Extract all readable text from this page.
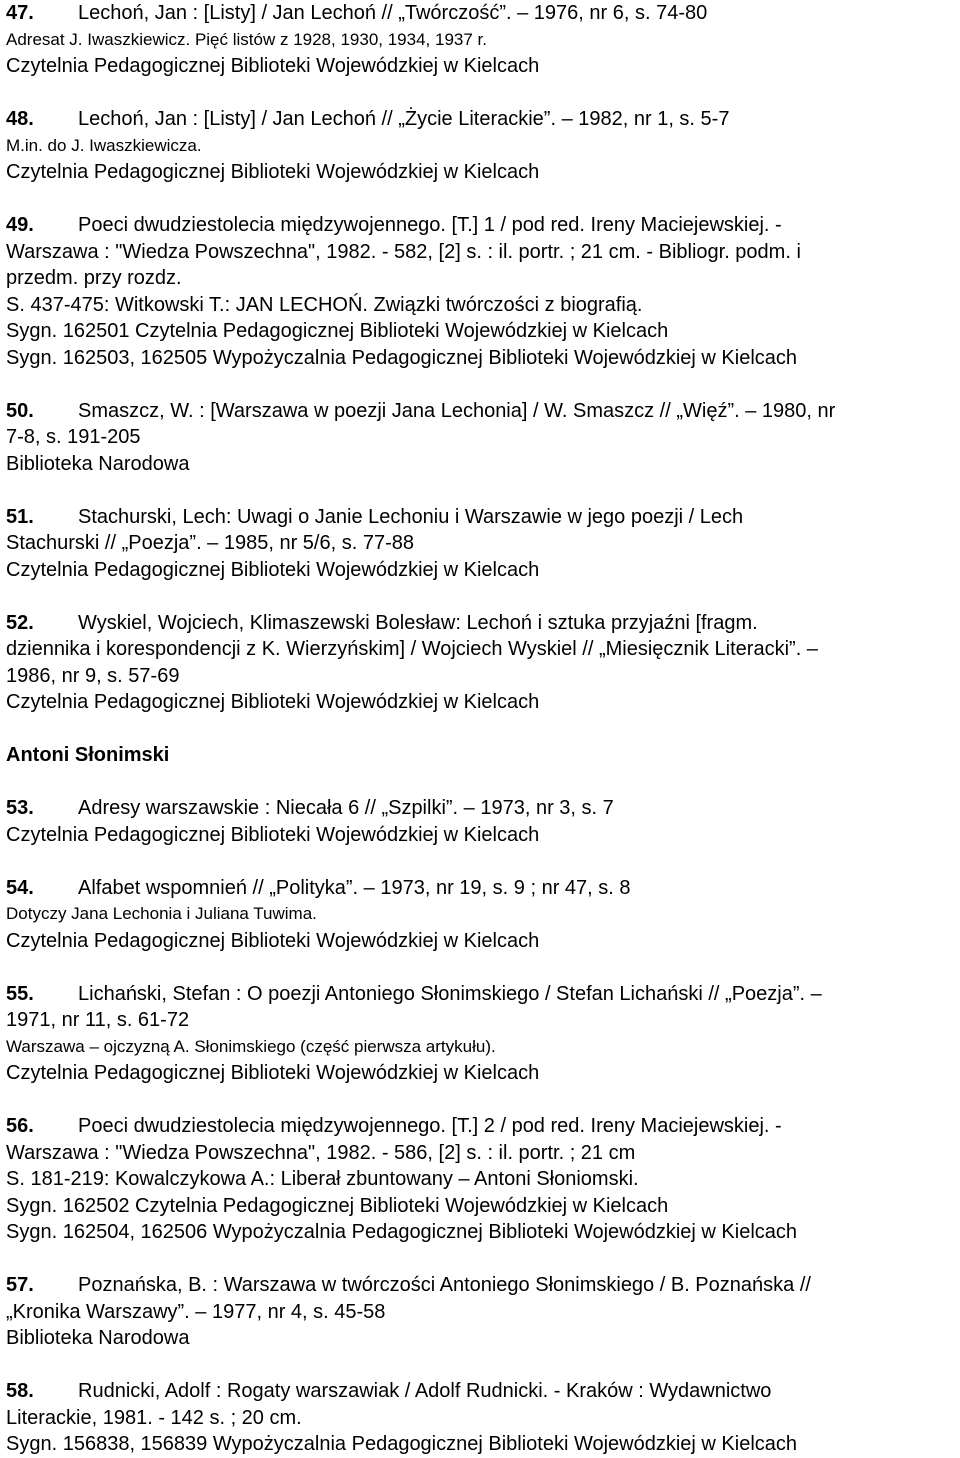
47. Lechoń, Jan : [Listy] / Jan Lechoń // „Twórczość”. – 1976, nr 6, s. 74-80
Adresat J. Iwaszkiewicz. Pięć listów z 1928, 1930, 1934, 1937 r.
Czytelnia Pedagogicznej Biblioteki Wojewódzkiej w Kielcach
48. Lechoń, Jan : [Listy] / Jan Lechoń // „Życie Literackie”. – 1982, nr 1, s. 5-7
M.in. do J. Iwaszkiewicza.
Czytelnia Pedagogicznej Biblioteki Wojewódzkiej w Kielcach
49. Poeci dwudziestolecia międzywojennego. [T.] 1 / pod red. Ireny Maciejewskiej. -
Warszawa : "Wiedza Powszechna", 1982. - 582, [2] s. : il. portr. ; 21 cm. - Bibliogr. podm. i
przedm. przy rozdz.
S. 437-475: Witkowski T.: JAN LECHOŃ. Związki twórczości z biografią.
Sygn. 162501 Czytelnia Pedagogicznej Biblioteki Wojewódzkiej w Kielcach
Sygn. 162503, 162505 Wypożyczalnia Pedagogicznej Biblioteki Wojewódzkiej w Kielcach
50. Smaszcz, W. : [Warszawa w poezji Jana Lechonia] / W. Smaszcz // „Więź”. – 1980, nr
7-8, s. 191-205
Biblioteka Narodowa
51. Stachurski, Lech: Uwagi o Janie Lechoniu i Warszawie w jego poezji / Lech
Stachurski // „Poezja”. – 1985, nr 5/6, s. 77-88
Czytelnia Pedagogicznej Biblioteki Wojewódzkiej w Kielcach
52. Wyskiel, Wojciech, Klimaszewski Bolesław: Lechoń i sztuka przyjaźni [fragm.
dziennika i korespondencji z K. Wierzyńskim] / Wojciech Wyskiel // „Miesięcznik Literacki”. –
1986, nr 9, s. 57-69
Czytelnia Pedagogicznej Biblioteki Wojewódzkiej w Kielcach
Antoni Słonimski
53. Adresy warszawskie : Niecała 6 // „Szpilki”. – 1973, nr 3, s. 7
Czytelnia Pedagogicznej Biblioteki Wojewódzkiej w Kielcach
54. Alfabet wspomnień // „Polityka”. – 1973, nr 19, s. 9 ; nr 47, s. 8
Dotyczy Jana Lechonia i Juliana Tuwima.
Czytelnia Pedagogicznej Biblioteki Wojewódzkiej w Kielcach
55. Lichański, Stefan : O poezji Antoniego Słonimskiego / Stefan Lichański // „Poezja”. –
1971, nr 11, s. 61-72
Warszawa – ojczyzną A. Słonimskiego (część pierwsza artykułu).
Czytelnia Pedagogicznej Biblioteki Wojewódzkiej w Kielcach
56. Poeci dwudziestolecia międzywojennego. [T.] 2 / pod red. Ireny Maciejewskiej. -
Warszawa : "Wiedza Powszechna", 1982. - 586, [2] s. : il. portr. ; 21 cm
S. 181-219: Kowalczykowa A.: Liberał zbuntowany – Antoni Słoniomski.
Sygn. 162502 Czytelnia Pedagogicznej Biblioteki Wojewódzkiej w Kielcach
Sygn. 162504, 162506 Wypożyczalnia Pedagogicznej Biblioteki Wojewódzkiej w Kielcach
57. Poznańska, B. : Warszawa w twórczości Antoniego Słonimskiego / B. Poznańska //
„Kronika Warszawy”. – 1977, nr 4, s. 45-58
Biblioteka Narodowa
58. Rudnicki, Adolf : Rogaty warszawiak / Adolf Rudnicki. - Kraków : Wydawnictwo
Literackie, 1981. - 142 s. ; 20 cm.
Sygn. 156838, 156839 Wypożyczalnia Pedagogicznej Biblioteki Wojewódzkiej w Kielcach
